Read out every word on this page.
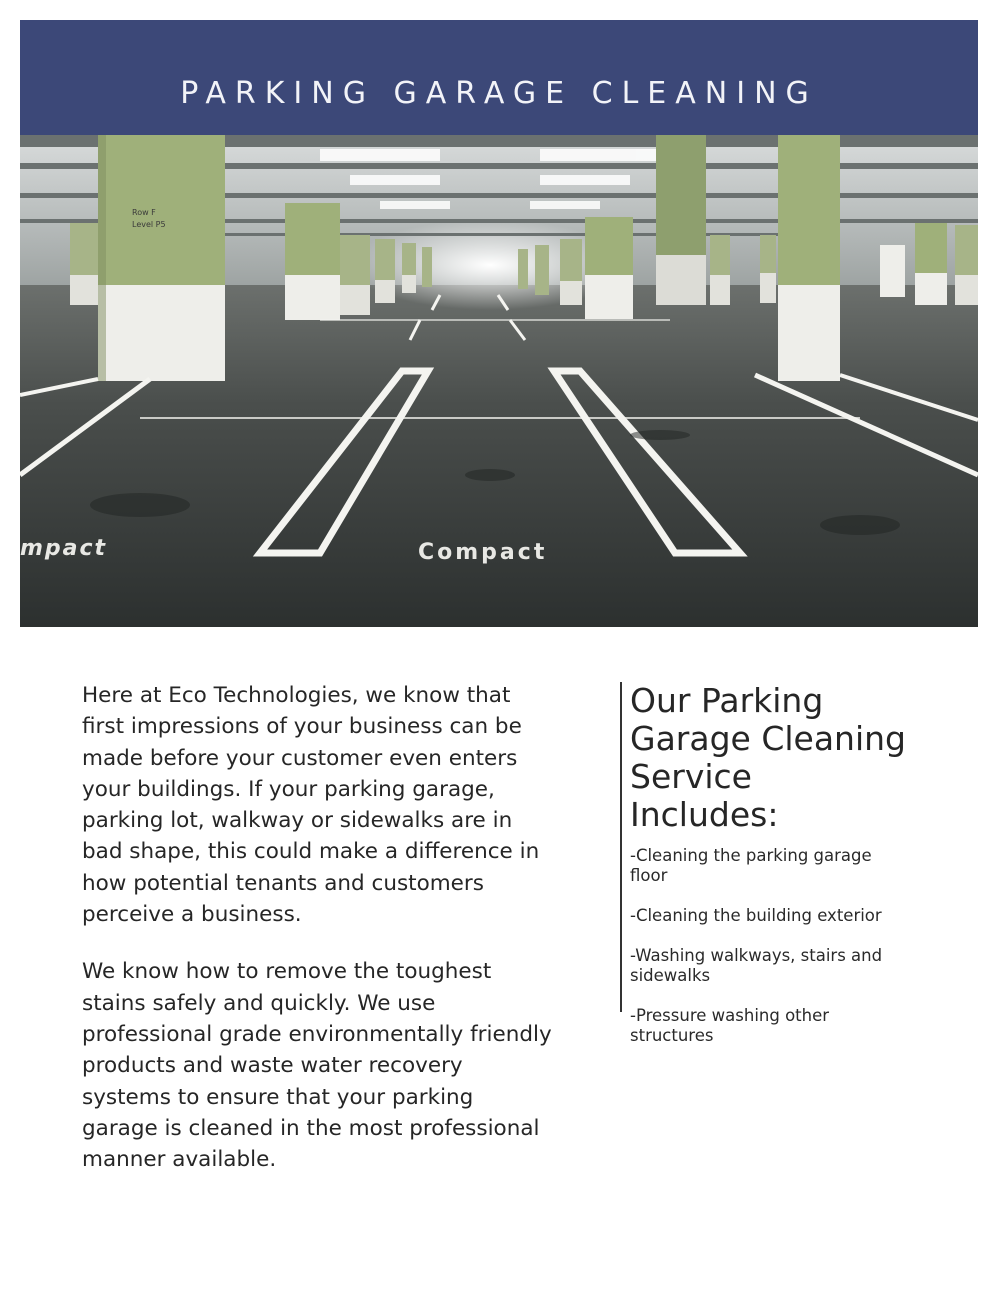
PARKING GARAGE CLEANING
Row F
Level P5
mpact	Compact

Here at Eco Technologies, we know that first impressions of your business can be made before your customer even enters your buildings. If your parking garage, parking lot, walkway or sidewalks are in bad shape, this could make a difference in how potential tenants and customers perceive a business.

We know how to remove the toughest stains safely and quickly. We use professional grade environmentally friendly products and waste water recovery systems to ensure that your parking garage is cleaned in the most professional manner available.

Our Parking Garage Cleaning Service Includes:

-Cleaning the parking garage floor

-Cleaning the building exterior

-Washing walkways, stairs and sidewalks

-Pressure washing other structures
